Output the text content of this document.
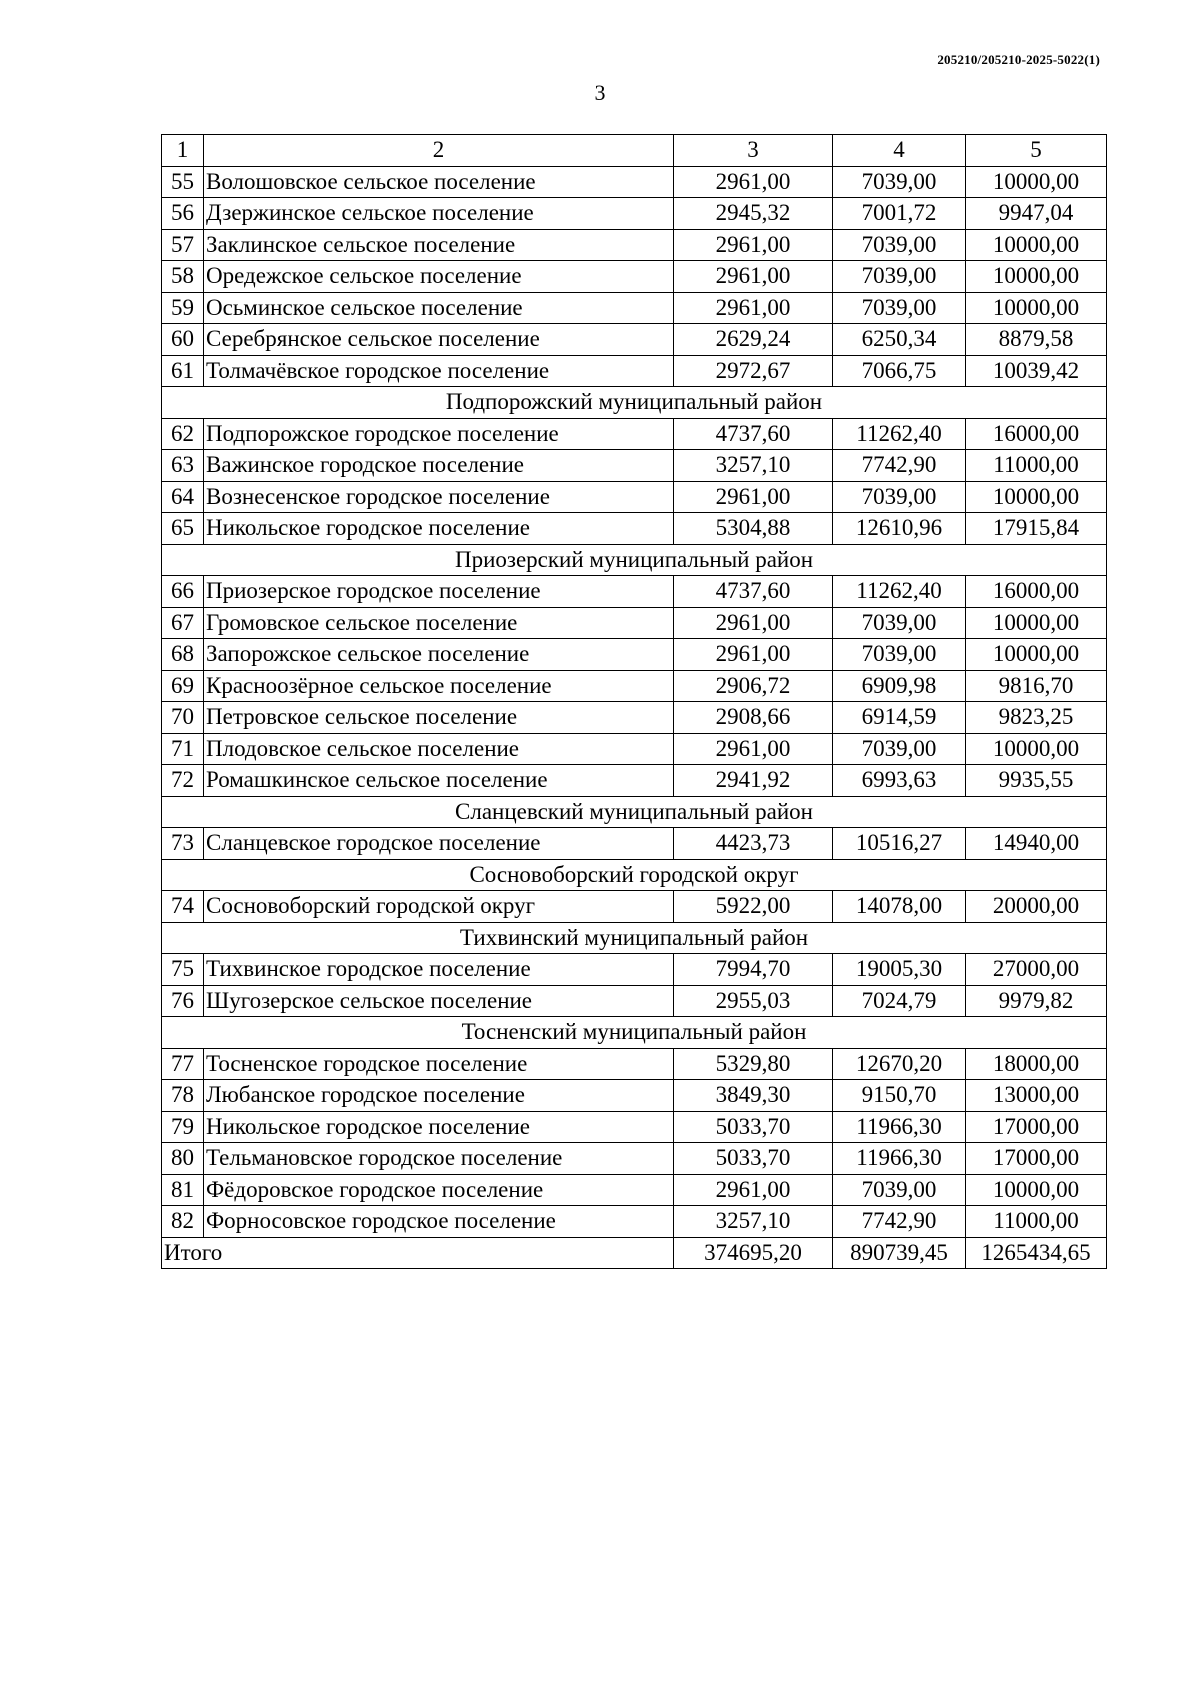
205210/205210-2025-5022(1)
3
1	2	3	4	5
55	Волошовское сельское поселение	2961,00	7039,00	10000,00
56	Дзержинское сельское поселение	2945,32	7001,72	9947,04
57	Заклинское сельское поселение	2961,00	7039,00	10000,00
58	Оредежское сельское поселение	2961,00	7039,00	10000,00
59	Осьминское сельское поселение	2961,00	7039,00	10000,00
60	Серебрянское сельское поселение	2629,24	6250,34	8879,58
61	Толмачёвское городское поселение	2972,67	7066,75	10039,42
Подпорожский муниципальный район				
62	Подпорожское городское поселение	4737,60	11262,40	16000,00
63	Важинское городское поселение	3257,10	7742,90	11000,00
64	Вознесенское городское поселение	2961,00	7039,00	10000,00
65	Никольское городское поселение	5304,88	12610,96	17915,84
Приозерский муниципальный район				
66	Приозерское городское поселение	4737,60	11262,40	16000,00
67	Громовское сельское поселение	2961,00	7039,00	10000,00
68	Запорожское сельское поселение	2961,00	7039,00	10000,00
69	Красноозёрное сельское поселение	2906,72	6909,98	9816,70
70	Петровское сельское поселение	2908,66	6914,59	9823,25
71	Плодовское сельское поселение	2961,00	7039,00	10000,00
72	Ромашкинское сельское поселение	2941,92	6993,63	9935,55
Сланцевский муниципальный район				
73	Сланцевское городское поселение	4423,73	10516,27	14940,00
Сосновоборский городской округ				
74	Сосновоборский городской округ	5922,00	14078,00	20000,00
Тихвинский муниципальный район				
75	Тихвинское городское поселение	7994,70	19005,30	27000,00
76	Шугозерское сельское поселение	2955,03	7024,79	9979,82
Тосненский муниципальный район				
77	Тосненское городское поселение	5329,80	12670,20	18000,00
78	Любанское городское поселение	3849,30	9150,70	13000,00
79	Никольское городское поселение	5033,70	11966,30	17000,00
80	Тельмановское городское поселение	5033,70	11966,30	17000,00
81	Фёдоровское городское поселение	2961,00	7039,00	10000,00
82	Форносовское городское поселение	3257,10	7742,90	11000,00
Итого		374695,20	890739,45	1265434,65
